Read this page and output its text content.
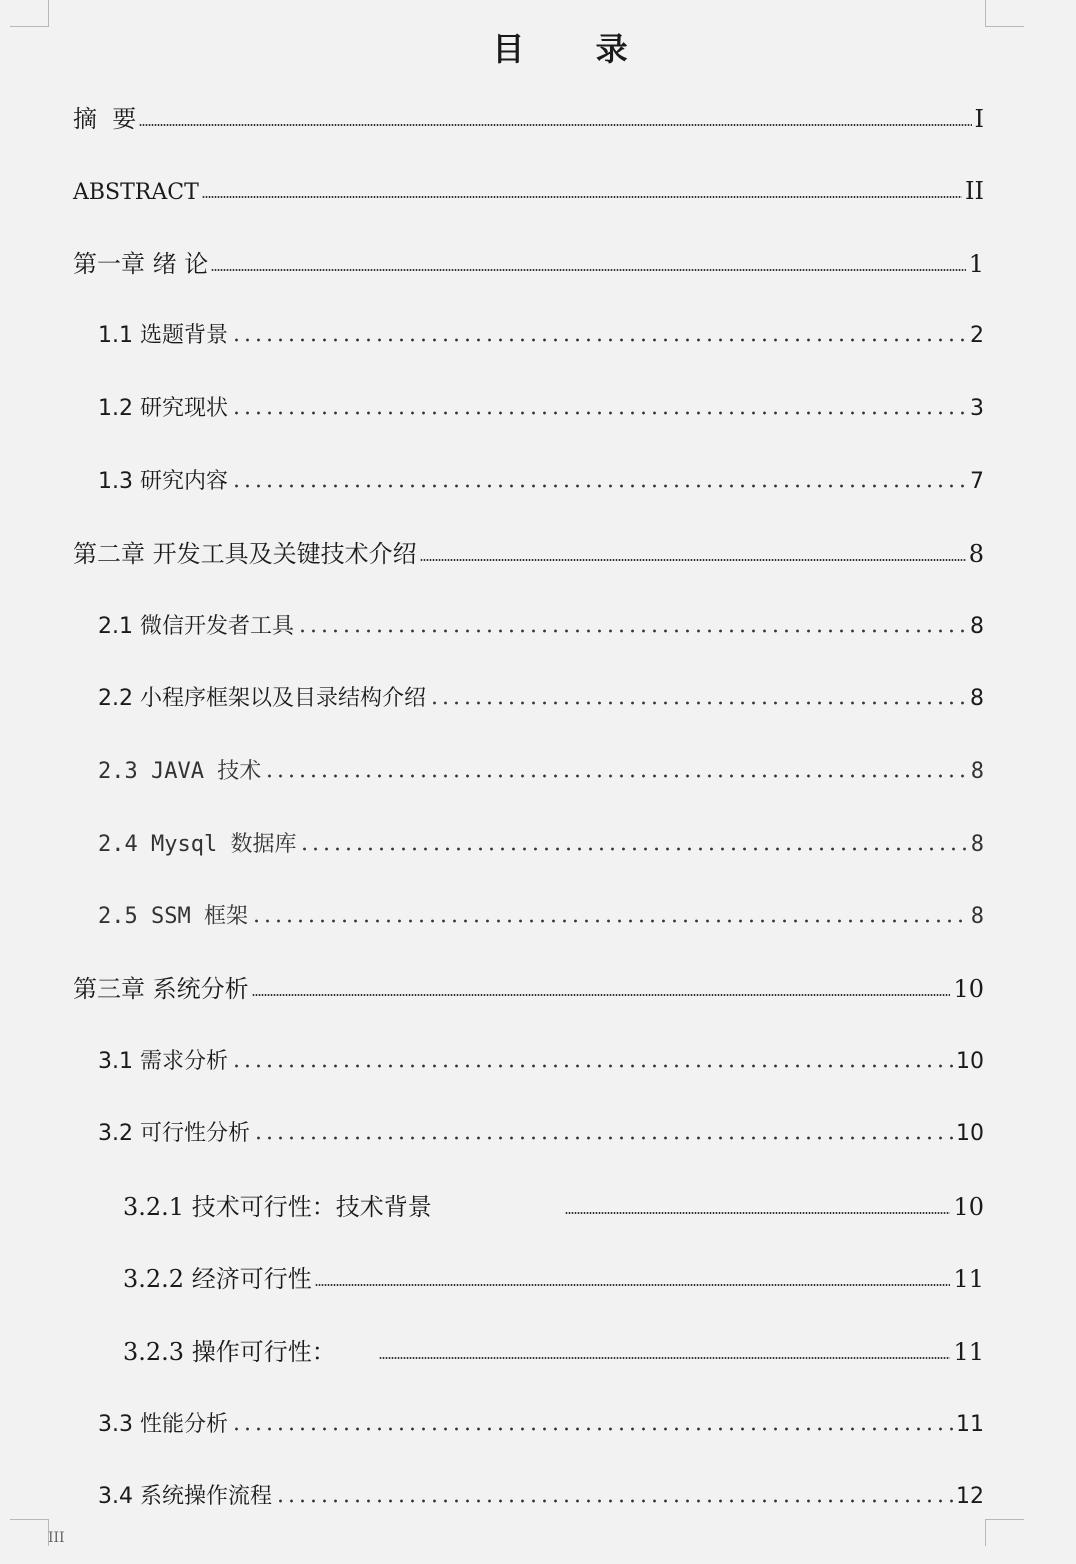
目 录
摘  要	I
ABSTRACT	II
第一章 绪 论	1
1.1 选题背景	2
1.2 研究现状	3
1.3 研究内容	7
第二章 开发工具及关键技术介绍	8
2.1 微信开发者工具	8
2.2 小程序框架以及目录结构介绍	8
2.3 JAVA 技术	8
2.4 Mysql 数据库	8
2.5 SSM 框架	8
第三章 系统分析	10
3.1 需求分析	10
3.2 可行性分析	10
3.2.1 技术可行性：技术背景	10
3.2.2 经济可行性	11
3.2.3 操作可行性：	11
3.3 性能分析	11
3.4 系统操作流程	12
III
